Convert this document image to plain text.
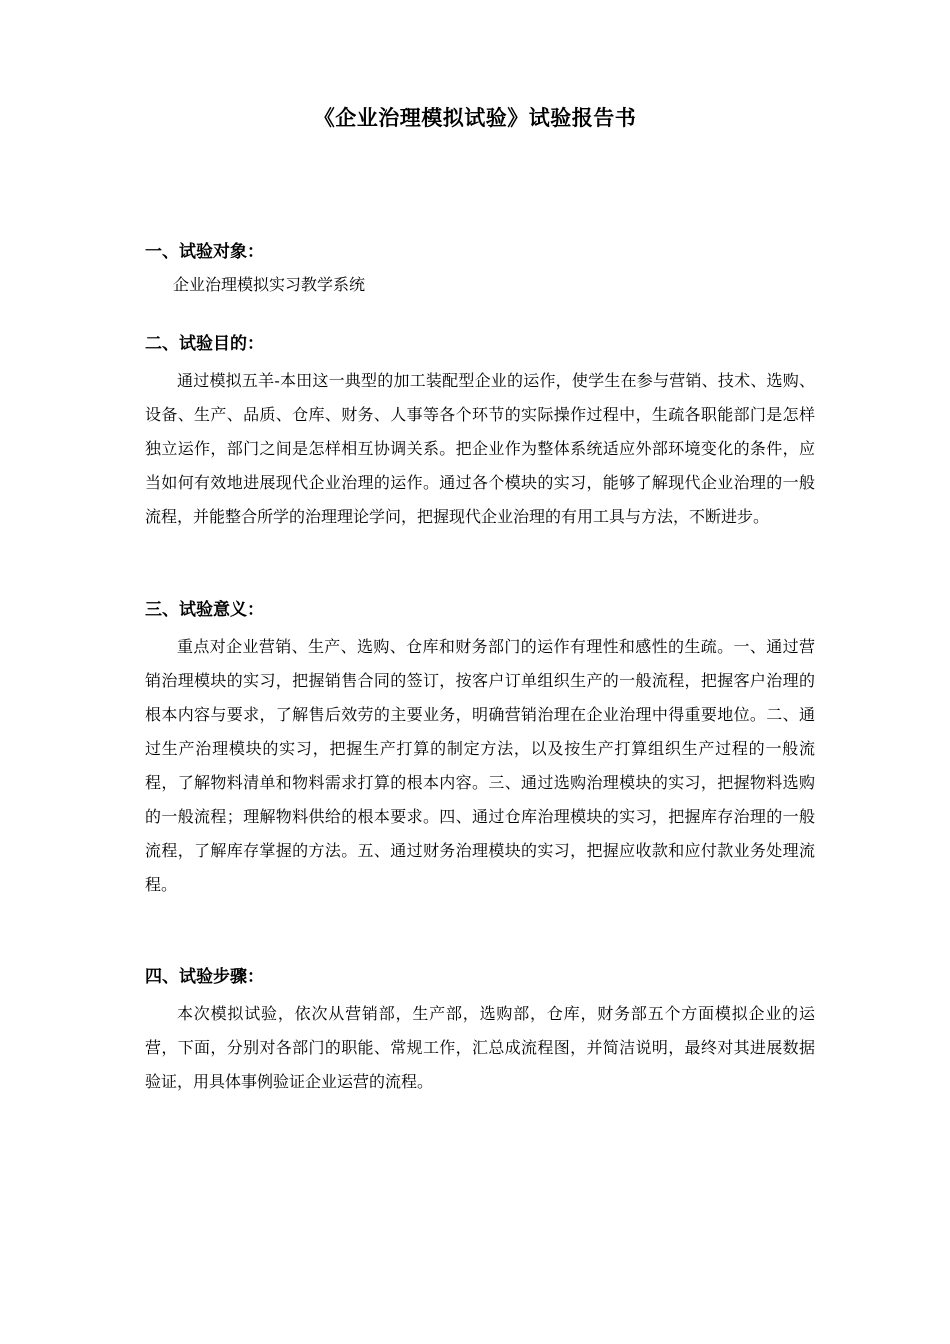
《企业治理模拟试验》试验报告书

一、试验对象：

企业治理模拟实习教学系统

二、试验目的：

通过模拟五羊-本田这一典型的加工装配型企业的运作，使学生在参与营销、技术、选购、设备、生产、品质、仓库、财务、人事等各个环节的实际操作过程中，生疏各职能部门是怎样独立运作，部门之间是怎样相互协调关系。把企业作为整体系统适应外部环境变化的条件，应当如何有效地进展现代企业治理的运作。通过各个模块的实习，能够了解现代企业治理的一般流程，并能整合所学的治理理论学问，把握现代企业治理的有用工具与方法，不断进步。

三、试验意义：

重点对企业营销、生产、选购、仓库和财务部门的运作有理性和感性的生疏。一、通过营销治理模块的实习，把握销售合同的签订，按客户订单组织生产的一般流程，把握客户治理的根本内容与要求，了解售后效劳的主要业务，明确营销治理在企业治理中得重要地位。二、通过生产治理模块的实习，把握生产打算的制定方法，以及按生产打算组织生产过程的一般流程，了解物料清单和物料需求打算的根本内容。三、通过选购治理模块的实习，把握物料选购的一般流程；理解物料供给的根本要求。四、通过仓库治理模块的实习，把握库存治理的一般流程，了解库存掌握的方法。五、通过财务治理模块的实习，把握应收款和应付款业务处理流程。

四、试验步骤：

本次模拟试验，依次从营销部，生产部，选购部，仓库，财务部五个方面模拟企业的运营，下面，分别对各部门的职能、常规工作，汇总成流程图，并简洁说明，最终对其进展数据验证，用具体事例验证企业运营的流程。
